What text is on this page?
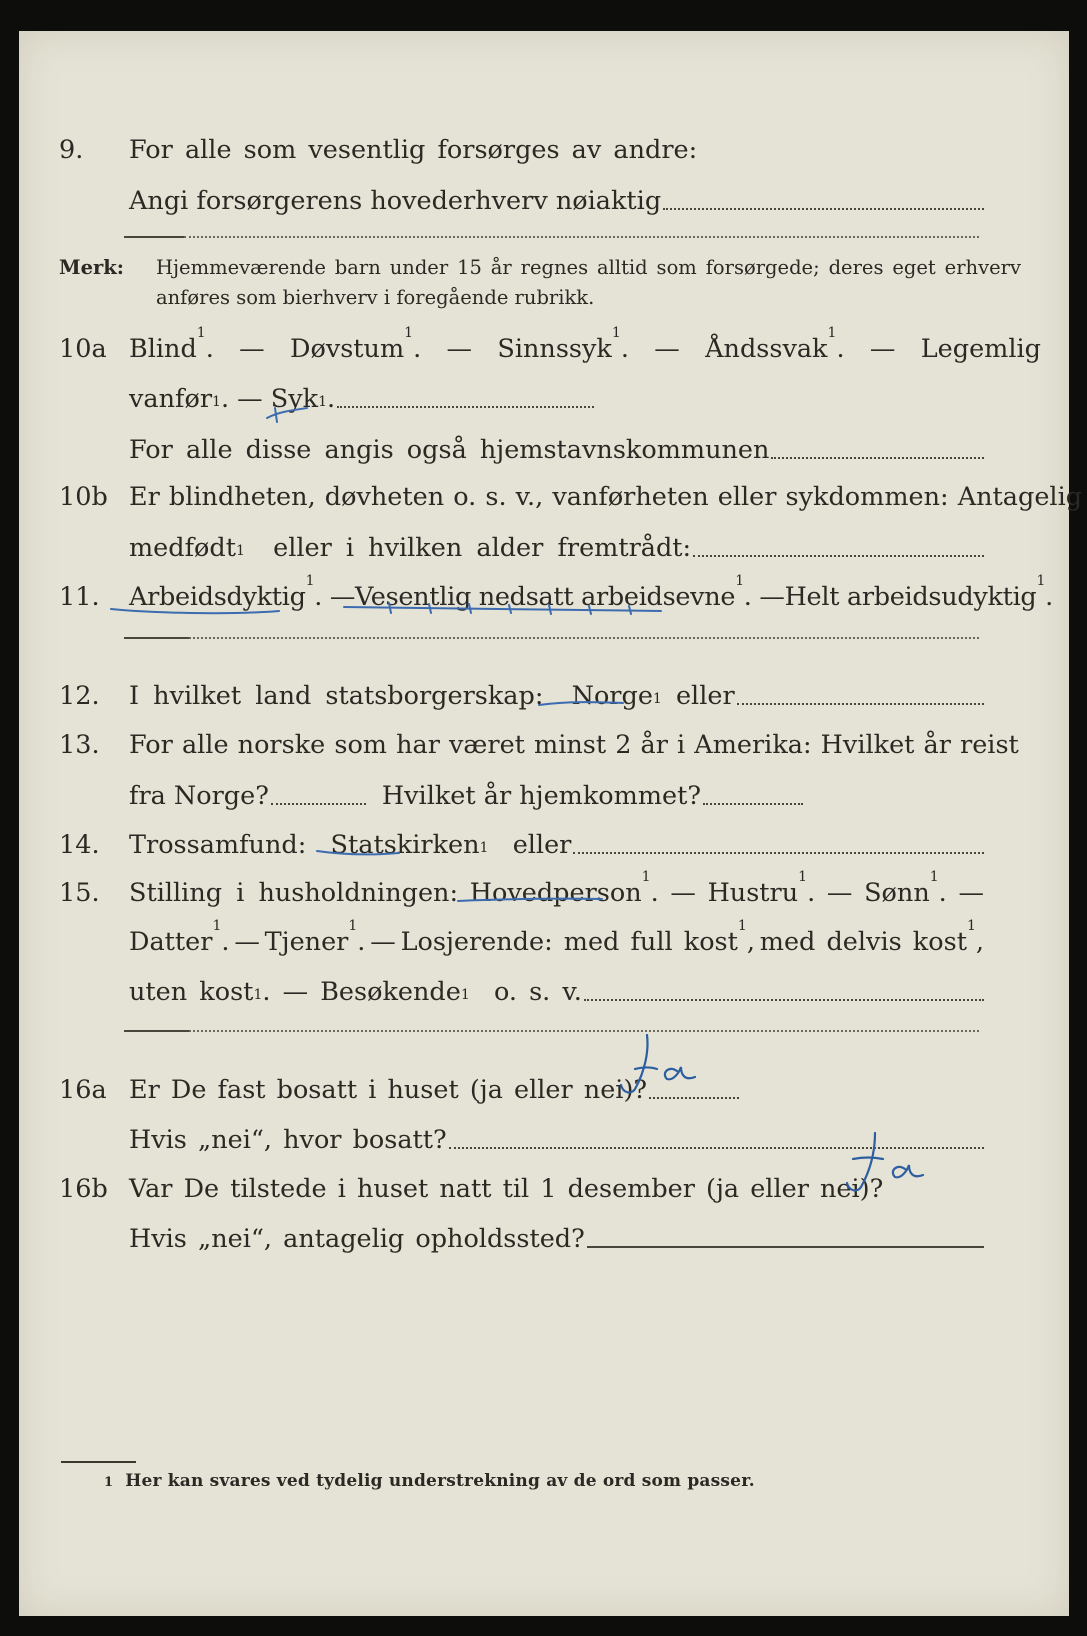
9. For alle som vesentlig forsørges av andre:
Angi forsørgerens hovederhverv nøiaktig
Merk: Hjemmeværende barn under 15 år regnes alltid som forsørgede; deres eget erhverv anføres som bierhverv i foregående rubrikk.
10a Blind$^1$. — Døvstum$^1$. — Sinnssyk$^1$. — Åndssvak$^1$. — Legemlig
vanfør 1 . — Syk 1 .
For alle disse angis også hjemstavnskommunen
10b Er blindheten, døvheten o. s. v., vanførheten eller sykdommen: Antagelig
medfødt 1
eller i hvilken alder fremtrådt:
11. Arbeidsdyktig$^1$. — Vesentlig nedsatt arbeidsevne$^1$. — Helt arbeidsudyktig$^1$.
12. I hvilket land statsborgerskap:
Norge 1
eller
13. For alle norske som har været minst 2 år i Amerika: Hvilket år reist
fra Norge?	Hvilket år hjemkommet?
14. Trossamfund:
Statskirken 1
eller
15. Stilling i husholdningen: Hovedperson$^1$. — Hustru$^1$. — Sønn$^1$. —
Datter$^1$. — Tjener$^1$. — Losjerende: med full kost$^1$, med delvis kost$^1$,
uten kost 1 . — Besøkende 1
o. s. v.
16a Er De fast bosatt i huset (ja eller nei)?
Hvis „nei“, hvor bosatt?
16b Var De tilstede i huset natt til 1 desember (ja eller nei)?
Hvis „nei“, antagelig opholdssted?
1 Her kan svares ved tydelig understrekning av de ord som passer.
